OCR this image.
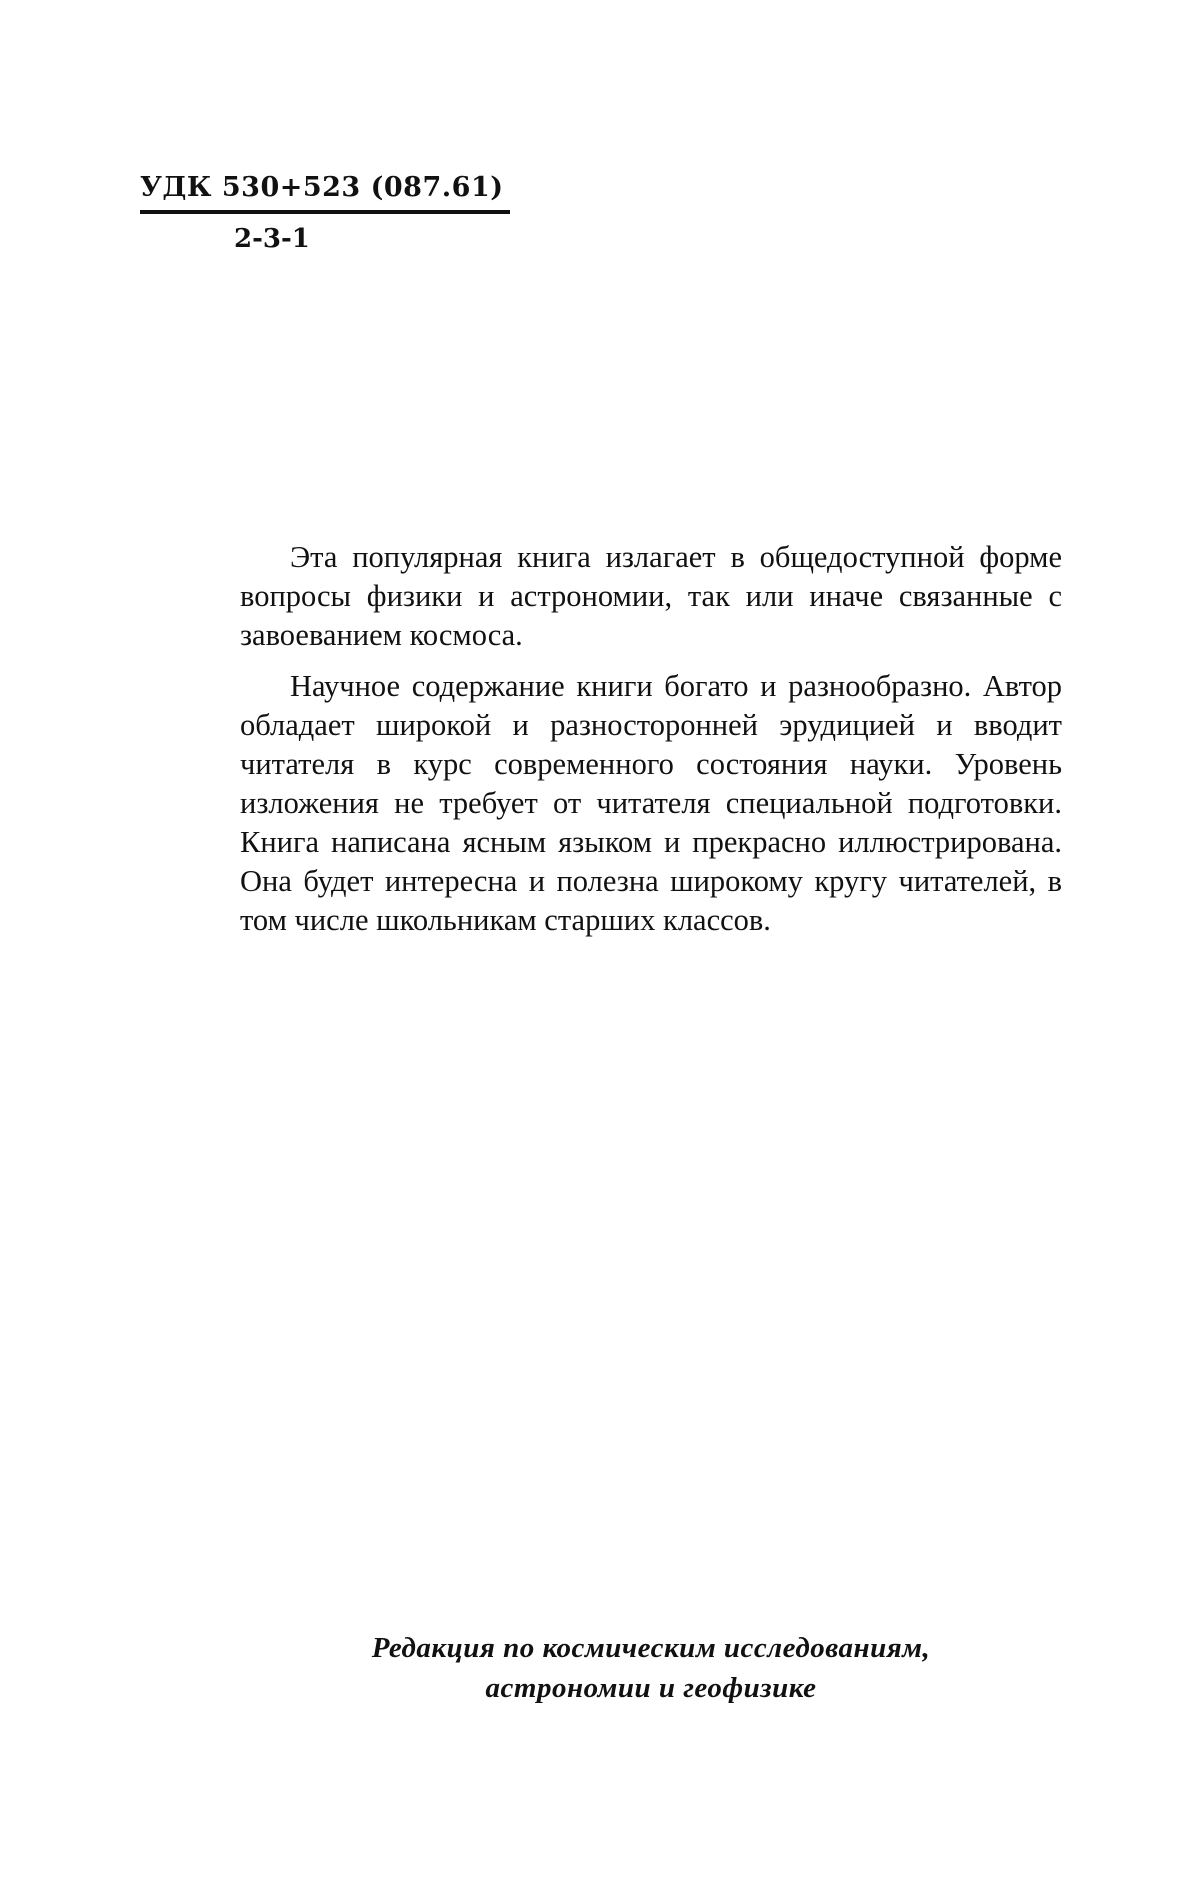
УДК 530+523 (087.61)
2-3-1

Эта популярная книга излагает в общедоступной форме вопросы физики и астрономии, так или иначе связанные с завоеванием космоса.

Научное содержание книги богато и разнообразно. Автор обладает широкой и разносторонней эрудицией и вводит читателя в курс современного состояния науки. Уровень изложения не требует от читателя специальной подготовки. Книга написана ясным языком и прекрасно иллюстрирована. Она будет интересна и полезна широкому кругу читателей, в том числе школьникам старших классов.

Редакция по космическим исследованиям,
астрономии и геофизике
